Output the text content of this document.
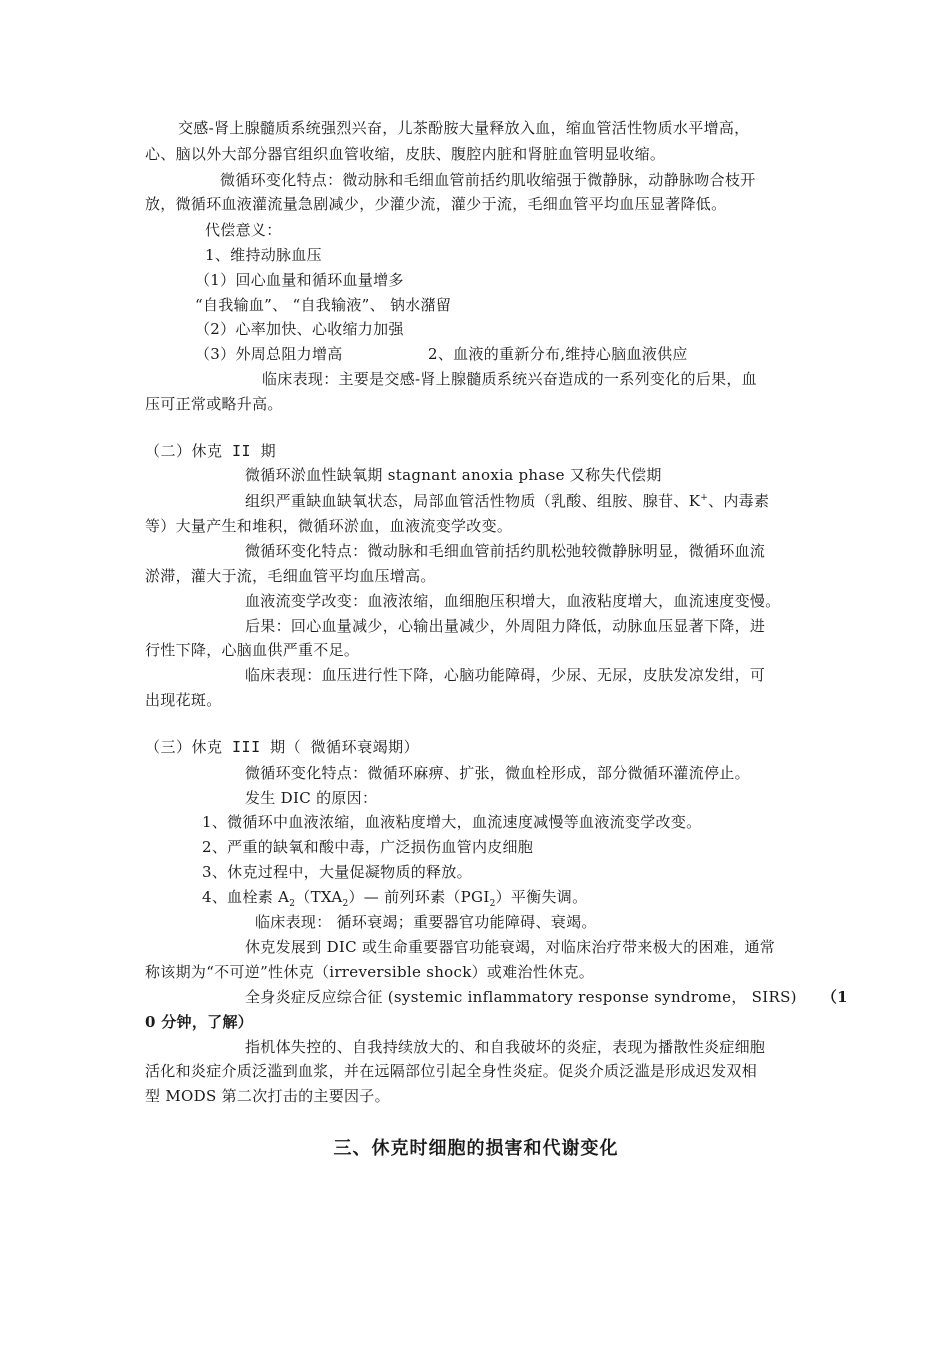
交感-肾上腺髓质系统强烈兴奋，儿茶酚胺大量释放入血，缩血管活性物质水平增高，

心、脑以外大部分器官组织血管收缩，皮肤、腹腔内脏和肾脏血管明显收缩。

微循环变化特点：微动脉和毛细血管前括约肌收缩强于微静脉，动静脉吻合枝开

放，微循环血液灌流量急剧减少，少灌少流，灌少于流，毛细血管平均血压显著降低。

代偿意义：

1、维持动脉血压

（1）回心血量和循环血量增多

“自我输血”、 “自我输液”、 钠水潴留

（2）心率加快、心收缩力加强

（3）外周总阻力增高	2、血液的重新分布,维持心脑血液供应

临床表现：主要是交感-肾上腺髓质系统兴奋造成的一系列变化的后果，血

压可正常或略升高。

（二）休克 II 期

微循环淤血性缺氧期 stagnant anoxia phase 又称失代偿期

组织严重缺血缺氧状态，局部血管活性物质（乳酸、组胺、腺苷、K+、内毒素

等）大量产生和堆积，微循环淤血，血液流变学改变。

微循环变化特点：微动脉和毛细血管前括约肌松弛较微静脉明显，微循环血流

淤滞，灌大于流，毛细血管平均血压增高。

血液流变学改变：血液浓缩，血细胞压积增大，血液粘度增大，血流速度变慢。

后果：回心血量减少，心输出量减少，外周阻力降低，动脉血压显著下降，进

行性下降，心脑血供严重不足。

临床表现：血压进行性下降，心脑功能障碍，少尿、无尿，皮肤发凉发绀，可

出现花斑。

（三）休克 III 期（ 微循环衰竭期）

微循环变化特点：微循环麻痹、扩张，微血栓形成，部分微循环灌流停止。

发生 DIC 的原因：

1、微循环中血液浓缩，血液粘度增大，血流速度减慢等血液流变学改变。

2、严重的缺氧和酸中毒，广泛损伤血管内皮细胞

3、休克过程中，大量促凝物质的释放。

4、血栓素 $A_2(TXA_2)—$ 前列环素$(PGI_2)$平衡失调。

临床表现： 循环衰竭；重要器官功能障碍、衰竭。

休克发展到 DIC 或生命重要器官功能衰竭，对临床治疗带来极大的困难，通常

称该期为“不可逆”性休克（irreversible shock）或难治性休克。

全身炎症反应综合征 (systemic inflammatory response syndrome， SIRS) （1

0 分钟，了解）

指机体失控的、自我持续放大的、和自我破坏的炎症，表现为播散性炎症细胞

活化和炎症介质泛滥到血浆，并在远隔部位引起全身性炎症。促炎介质泛滥是形成迟发双相

型 MODS 第二次打击的主要因子。

三、休克时细胞的损害和代谢变化
